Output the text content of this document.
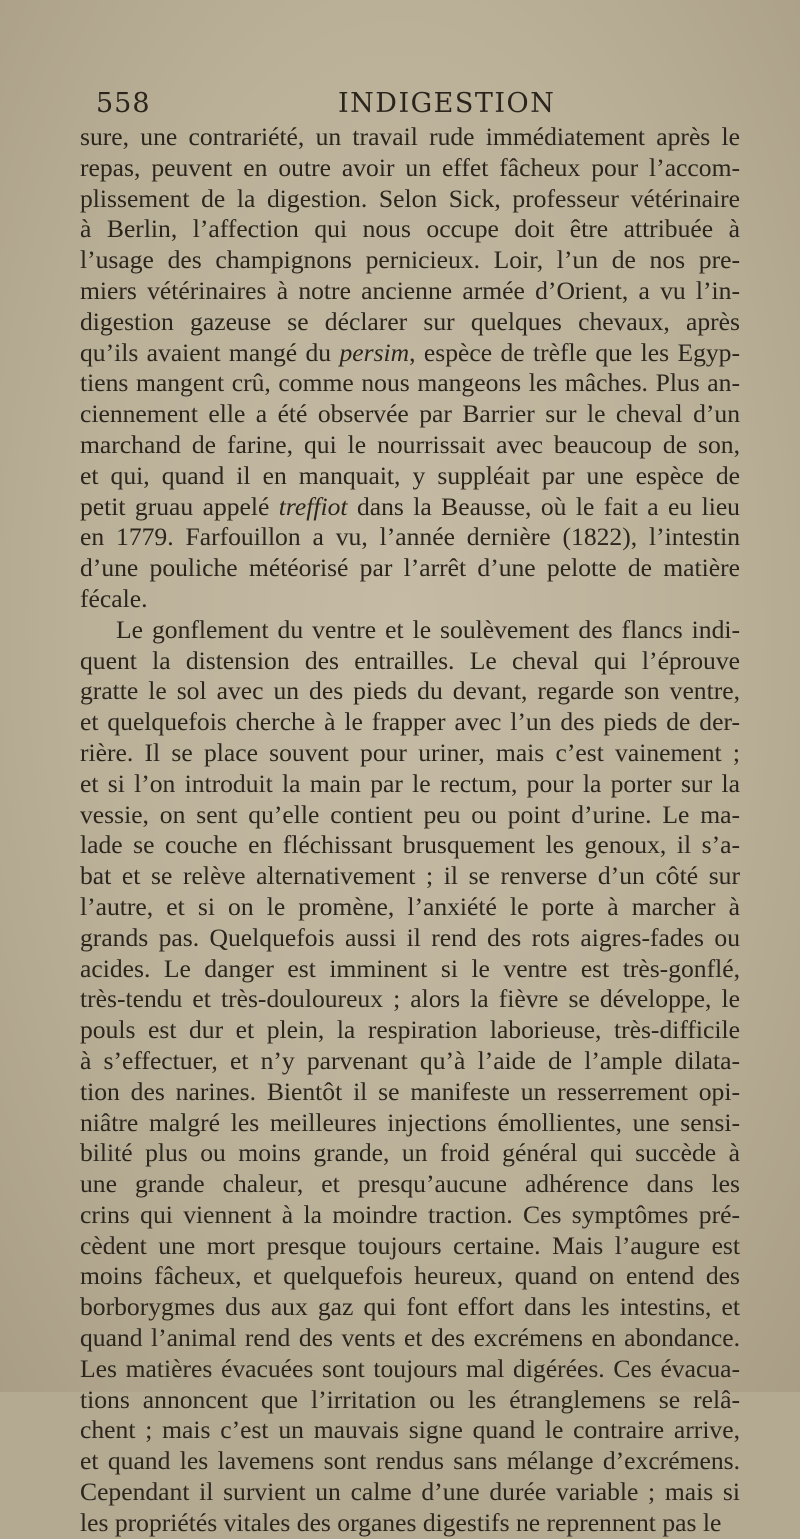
558	INDIGESTION
sure, une contrariété, un travail rude immédiatement après le
repas, peuvent en outre avoir un effet fâcheux pour l’accom-
plissement de la digestion. Selon Sick, professeur vétérinaire
à Berlin, l’affection qui nous occupe doit être attribuée à
l’usage des champignons pernicieux. Loir, l’un de nos pre-
miers vétérinaires à notre ancienne armée d’Orient, a vu l’in-
digestion gazeuse se déclarer sur quelques chevaux, après
qu’ils avaient mangé du persim, espèce de trèfle que les Egyp-
tiens mangent crû, comme nous mangeons les mâches. Plus an-
ciennement elle a été observée par Barrier sur le cheval d’un
marchand de farine, qui le nourrissait avec beaucoup de son,
et qui, quand il en manquait, y suppléait par une espèce de
petit gruau appelé treffiot dans la Beausse, où le fait a eu lieu
en 1779. Farfouillon a vu, l’année dernière (1822), l’intestin
d’une pouliche météorisé par l’arrêt d’une pelotte de matière
fécale.
Le gonflement du ventre et le soulèvement des flancs indi-
quent la distension des entrailles. Le cheval qui l’éprouve
gratte le sol avec un des pieds du devant, regarde son ventre,
et quelquefois cherche à le frapper avec l’un des pieds de der-
rière. Il se place souvent pour uriner, mais c’est vainement ;
et si l’on introduit la main par le rectum, pour la porter sur la
vessie, on sent qu’elle contient peu ou point d’urine. Le ma-
lade se couche en fléchissant brusquement les genoux, il s’a-
bat et se relève alternativement ; il se renverse d’un côté sur
l’autre, et si on le promène, l’anxiété le porte à marcher à
grands pas. Quelquefois aussi il rend des rots aigres-fades ou
acides. Le danger est imminent si le ventre est très-gonflé,
très-tendu et très-douloureux ; alors la fièvre se développe, le
pouls est dur et plein, la respiration laborieuse, très-difficile
à s’effectuer, et n’y parvenant qu’à l’aide de l’ample dilata-
tion des narines. Bientôt il se manifeste un resserrement opi-
niâtre malgré les meilleures injections émollientes, une sensi-
bilité plus ou moins grande, un froid général qui succède à
une grande chaleur, et presqu’aucune adhérence dans les
crins qui viennent à la moindre traction. Ces symptômes pré-
cèdent une mort presque toujours certaine. Mais l’augure est
moins fâcheux, et quelquefois heureux, quand on entend des
borborygmes dus aux gaz qui font effort dans les intestins, et
quand l’animal rend des vents et des excrémens en abondance.
Les matières évacuées sont toujours mal digérées. Ces évacua-
tions annoncent que l’irritation ou les étranglemens se relâ-
chent ; mais c’est un mauvais signe quand le contraire arrive,
et quand les lavemens sont rendus sans mélange d’excrémens.
Cependant il survient un calme d’une durée variable ; mais si
les propriétés vitales des organes digestifs ne reprennent pas le
